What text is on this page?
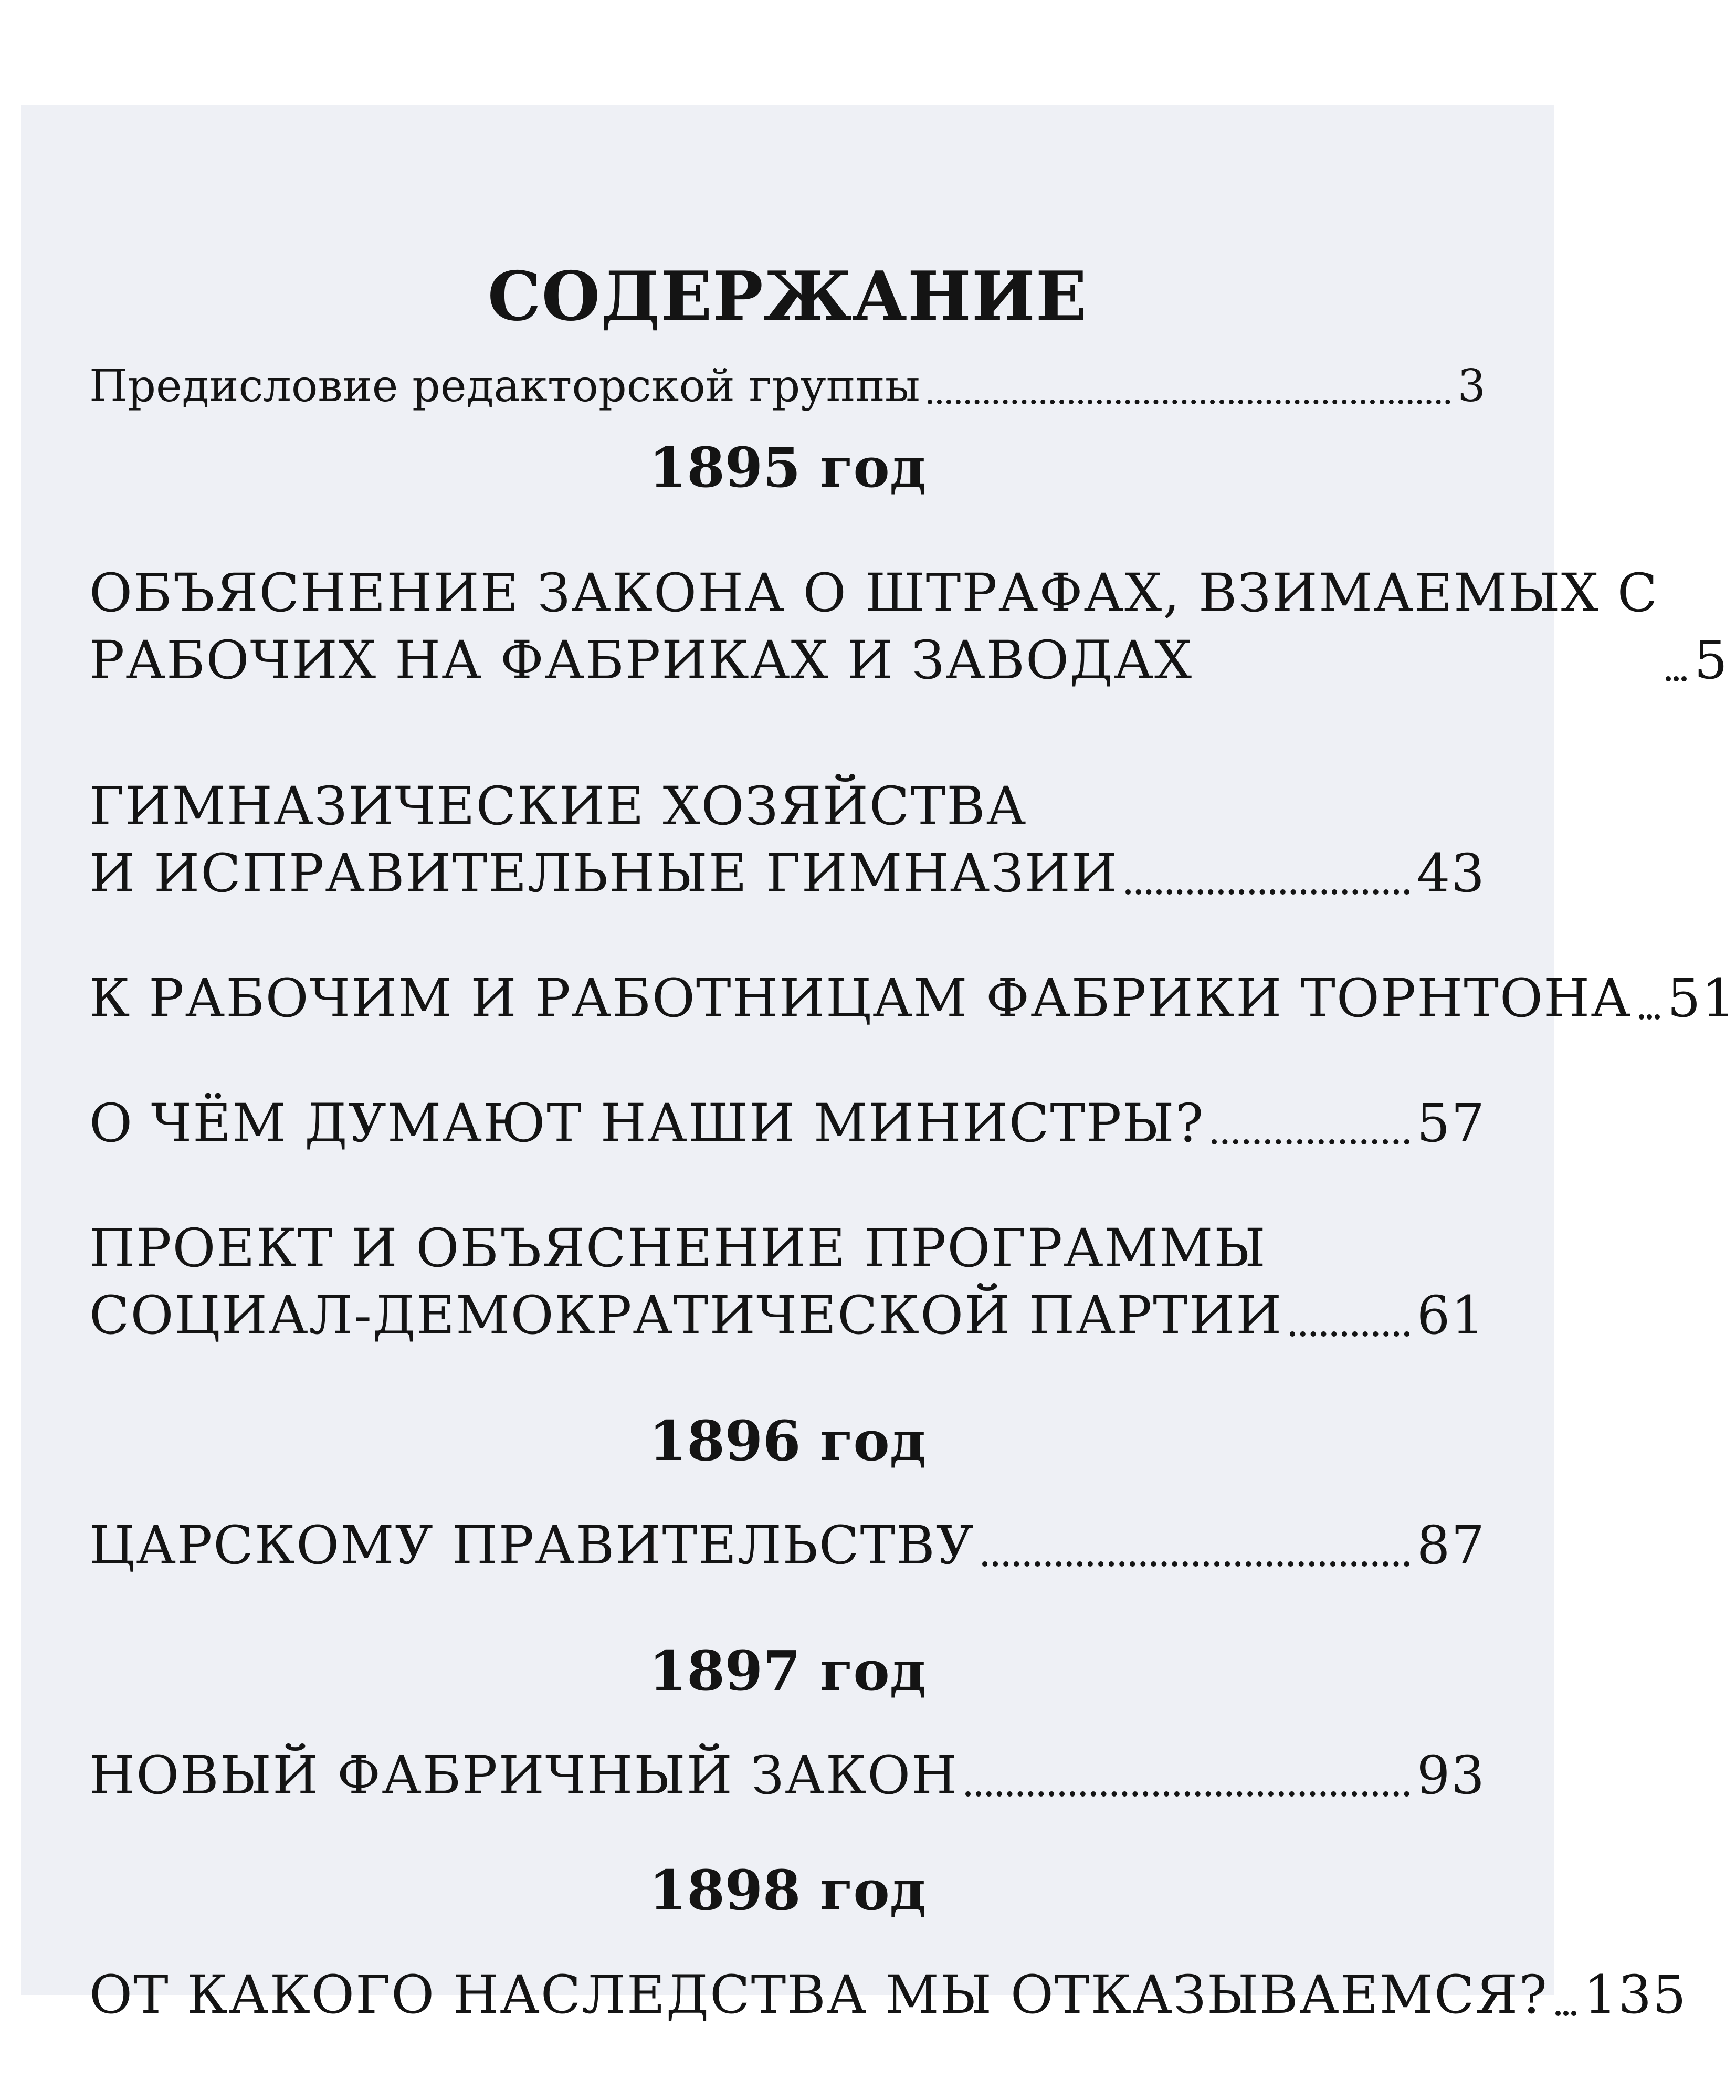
СОДЕРЖАНИЕ
Предисловие редакторской группы	3
1895 год
ОБЪЯСНЕНИЕ ЗАКОНА О ШТРАФАХ, ВЗИМАЕМЫХ С
РАБОЧИХ НА ФАБРИКАХ И ЗАВОДАХ	5
ГИМНАЗИЧЕСКИЕ ХОЗЯЙСТВА
И ИСПРАВИТЕЛЬНЫЕ ГИМНАЗИИ	43
К РАБОЧИМ И РАБОТНИЦАМ ФАБРИКИ ТОРНТОНА 51
О ЧЁМ ДУМАЮТ НАШИ МИНИСТРЫ?	57
ПРОЕКТ И ОБЪЯСНЕНИЕ ПРОГРАММЫ
СОЦИАЛ-ДЕМОКРАТИЧЕСКОЙ ПАРТИИ	61
1896 год
ЦАРСКОМУ ПРАВИТЕЛЬСТВУ	87
1897 год
НОВЫЙ ФАБРИЧНЫЙ ЗАКОН	93
1898 год
ОТ КАКОГО НАСЛЕДСТВА МЫ ОТКАЗЫВАЕМСЯ? 135
